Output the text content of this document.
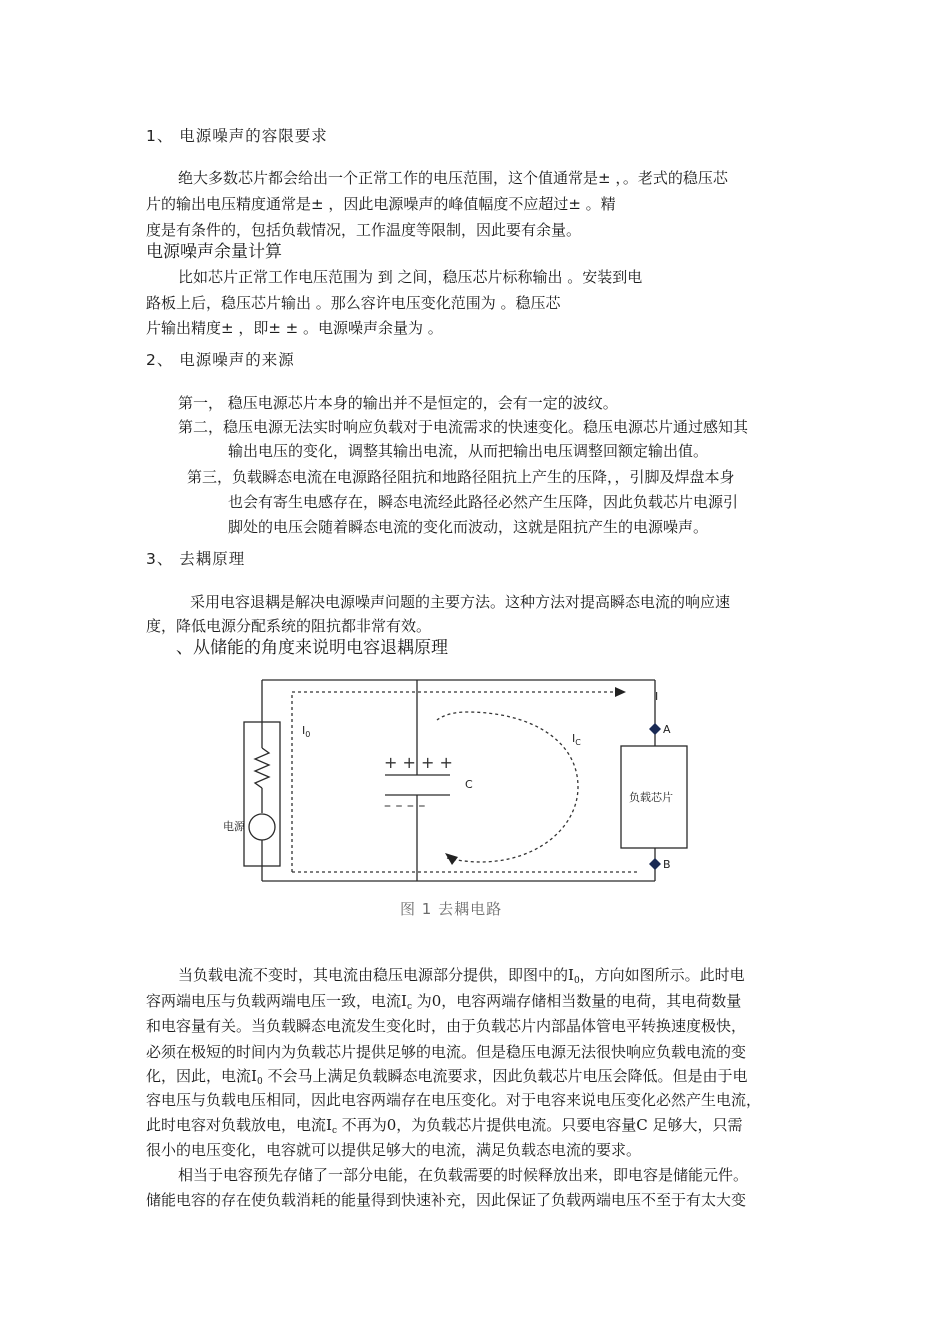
1、 电源噪声的容限要求
绝大多数芯片都会给出一个正常工作的电压范围，这个值通常是± ，。老式的稳压芯
片的输出电压精度通常是± ，因此电源噪声的峰值幅度不应超过± 。精
度是有条件的，包括负载情况，工作温度等限制，因此要有余量。
电源噪声余量计算
比如芯片正常工作电压范围为 到 之间，稳压芯片标称输出 。安装到电
路板上后，稳压芯片输出 。那么容许电压变化范围为 。稳压芯
片输出精度± ，即± ± 。电源噪声余量为 。
2、 电源噪声的来源
第一， 稳压电源芯片本身的输出并不是恒定的，会有一定的波纹。
第二，稳压电源无法实时响应负载对于电流需求的快速变化。稳压电源芯片通过感知其
输出电压的变化，调整其输出电流，从而把输出电压调整回额定输出值。
第三，负载瞬态电流在电源路径阻抗和地路径阻抗上产生的压降，，引脚及焊盘本身
也会有寄生电感存在，瞬态电流经此路径必然产生压降，因此负载芯片电源引
脚处的电压会随着瞬态电流的变化而波动，这就是阻抗产生的电源噪声。
3、 去耦原理
采用电容退耦是解决电源噪声问题的主要方法。这种方法对提高瞬态电流的响应速
度，降低电源分配系统的阻抗都非常有效。
、从储能的角度来说明电容退耦原理
+ + + +
– – – –
电源
$I_0$	$I_C$
C
I
A
B
负载芯片
图 1 去耦电路
当负载电流不变时，其电流由稳压电源部分提供，即图中的$I_0$，方向如图所示。此时电
容两端电压与负载两端电压一致，电流$I_c$ 为0，电容两端存储相当数量的电荷，其电荷数量
和电容量有关。当负载瞬态电流发生变化时，由于负载芯片内部晶体管电平转换速度极快，
必须在极短的时间内为负载芯片提供足够的电流。但是稳压电源无法很快响应负载电流的变
化，因此，电流$I_0$ 不会马上满足负载瞬态电流要求，因此负载芯片电压会降低。但是由于电
容电压与负载电压相同，因此电容两端存在电压变化。对于电容来说电压变化必然产生电流，
此时电容对负载放电，电流$I_c$ 不再为0，为负载芯片提供电流。只要电容量C 足够大，只需
很小的电压变化，电容就可以提供足够大的电流，满足负载态电流的要求。
相当于电容预先存储了一部分电能，在负载需要的时候释放出来，即电容是储能元件。
储能电容的存在使负载消耗的能量得到快速补充，因此保证了负载两端电压不至于有太大变
